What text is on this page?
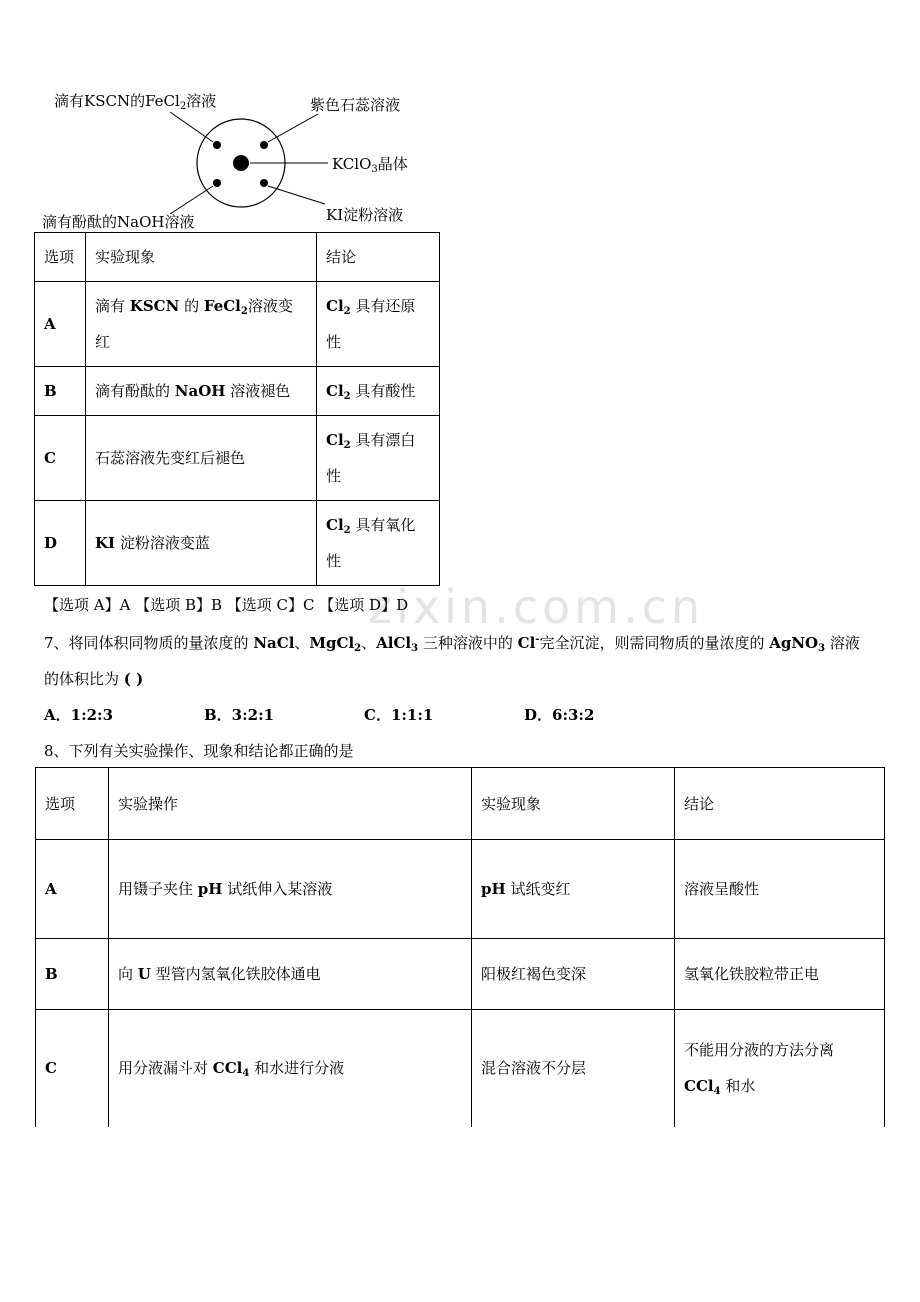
zixin.com.cn
滴有KSCN的FeCl$_2$溶液	紫色石蕊溶液
KClO$_3$晶体
滴有酚酞的NaOH溶液	KI淀粉溶液
选项	实验现象	结论
A	滴有 KSCN 的 FeCl$_2$溶液变红	$Cl_2$ 具有还原性
B	滴有酚酞的 NaOH 溶液褪色	$Cl_2$ 具有酸性
C	石蕊溶液先变红后褪色	$Cl_2$ 具有漂白性
D	KI 淀粉溶液变蓝	$Cl_2$ 具有氧化性
【选项 A】A 【选项 B】B 【选项 C】C 【选项 D】D
7、将同体积同物质的量浓度的 NaCl、MgCl$_2$、AlCl$_3$ 三种溶液中的 Cl-完全沉淀，则需同物质的量浓度的 AgNO$_3$ 溶液
的体积比为 ( )
A．1:2:3	B．3:2:1	C．1:1:1	D．6:3:2
8、下列有关实验操作、现象和结论都正确的是
选项	实验操作	实验现象	结论
A	用镊子夹住 pH 试纸伸入某溶液	pH 试纸变红	溶液呈酸性
B	向 U 型管内氢氧化铁胶体通电	阳极红褐色变深	氢氧化铁胶粒带正电
C	用分液漏斗对 CCl$_4$ 和水进行分液	混合溶液不分层	不能用分液的方法分离
CCl$_4$ 和水
